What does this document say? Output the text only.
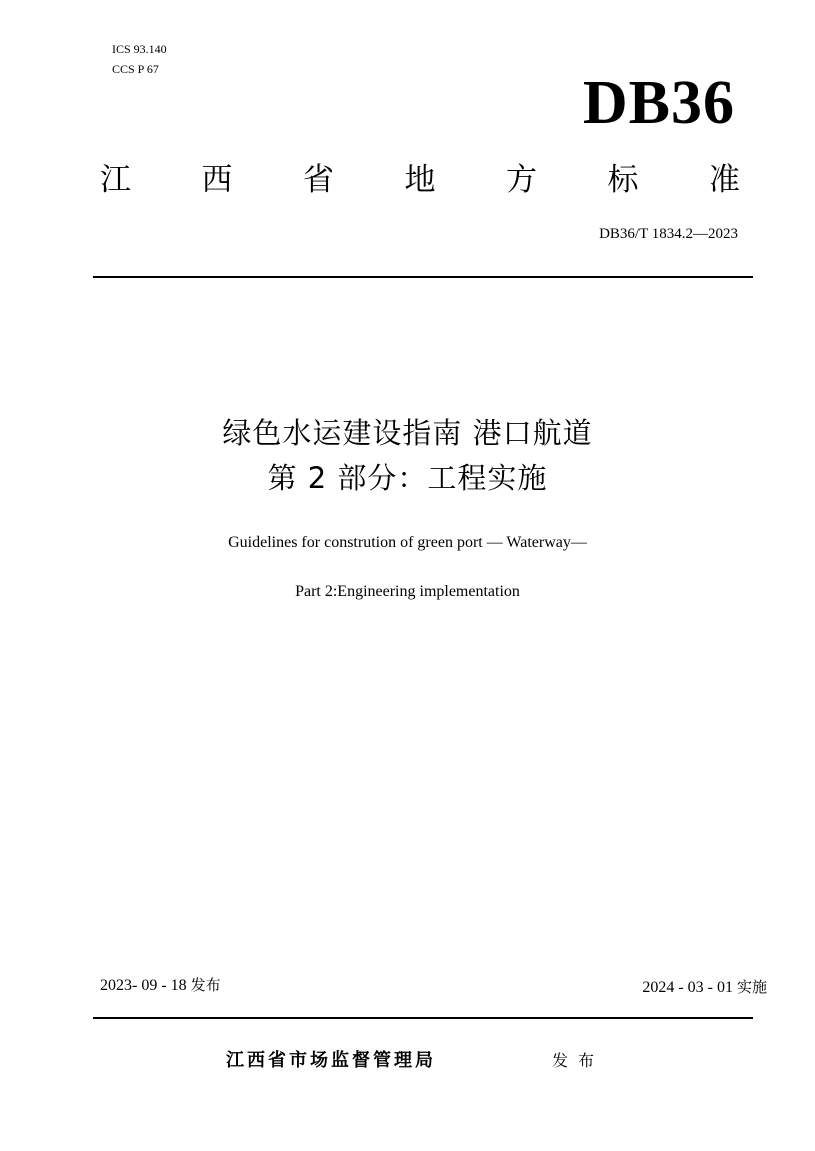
ICS 93.140
CCS P 67	DB36
江 西 省 地 方 标 准
DB36/T 1834.2—2023
绿色水运建设指南 港口航道
第 2 部分：工程实施
Guidelines for constrution of green port — Waterway—
Part 2:Engineering implementation
2023- 09 - 18 发布	2024 - 03 - 01 实施
江西省市场监督管理局	发布
